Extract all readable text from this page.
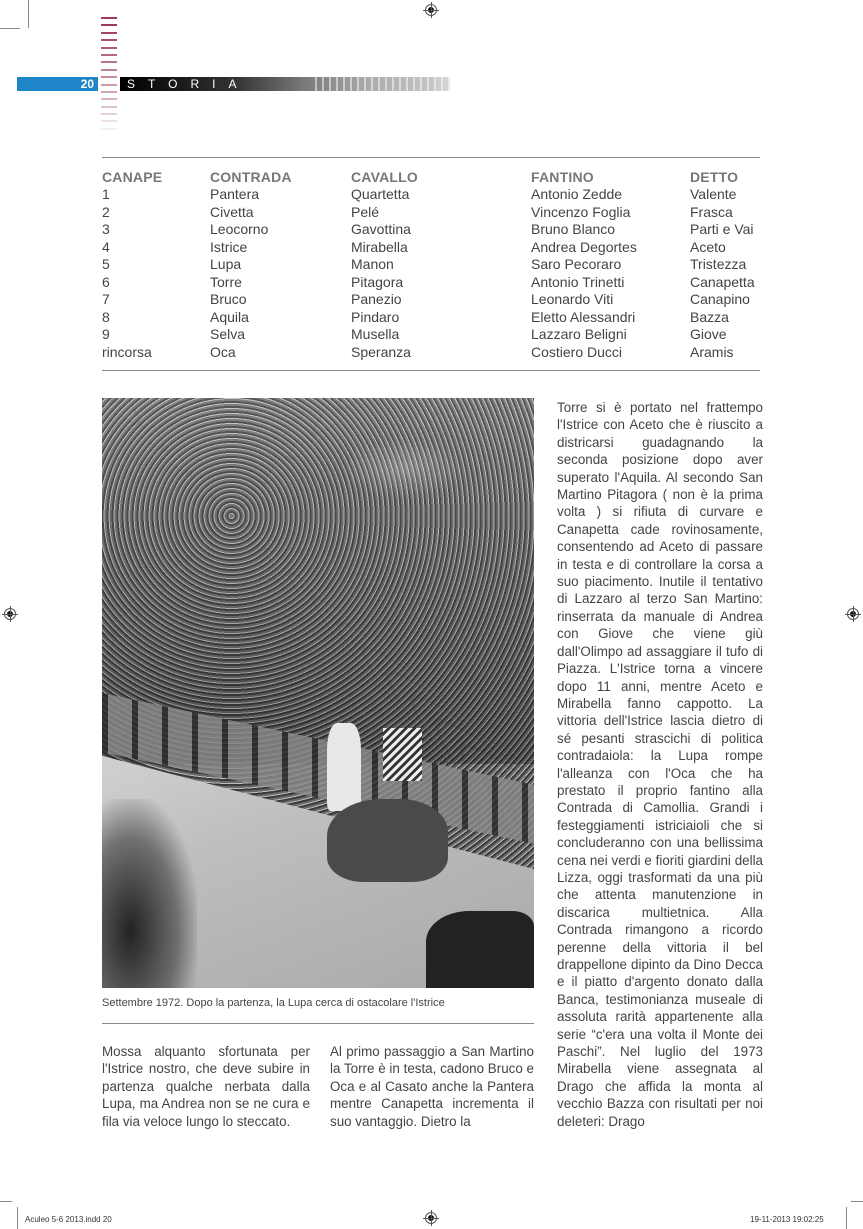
20	STORIA
CANAPE	CONTRADA	CAVALLO	FANTINO	DETTO
1	Pantera	Quartetta	Antonio Zedde	Valente
2	Civetta	Pelé	Vincenzo Foglia	Frasca
3	Leocorno	Gavottina	Bruno Blanco	Parti e Vai
4	Istrice	Mirabella	Andrea Degortes	Aceto
5	Lupa	Manon	Saro Pecoraro	Tristezza
6	Torre	Pitagora	Antonio Trinetti	Canapetta
7	Bruco	Panezio	Leonardo Viti	Canapino
8	Aquila	Pindaro	Eletto Alessandri	Bazza
9	Selva	Musella	Lazzaro Beligni	Giove
rincorsa	Oca	Speranza	Costiero Ducci	Aramis
Settembre 1972. Dopo la partenza, la Lupa cerca di ostacolare l'Istrice
Mossa alquanto sfortunata per l'Istrice nostro, che deve subire in partenza qualche nerbata dalla Lupa, ma Andrea non se ne cura e fila via veloce lungo lo steccato.
Al primo passaggio a San Martino la Torre è in testa, cadono Bruco e Oca e al Casato anche la Pantera mentre Canapetta incrementa il suo vantaggio. Dietro la
Torre si è portato nel frattempo l'Istrice con Aceto che è riuscito a districarsi guadagnando la seconda posizione dopo aver superato l'Aquila. Al secondo San Martino Pitagora ( non è la prima volta ) si rifiuta di curvare e Canapetta cade rovinosamente, consentendo ad Aceto di passare in testa e di controllare la corsa a suo piacimento. Inutile il tentativo di Lazzaro al terzo San Martino: rinserrata da manuale di Andrea con Giove che viene giù dall'Olimpo ad assaggiare il tufo di Piazza. L'Istrice torna a vincere dopo 11 anni, mentre Aceto e Mirabella fanno cappotto. La vittoria dell'Istrice lascia dietro di sé pesanti strascichi di politica contradaiola: la Lupa rompe l'alleanza con l'Oca che ha prestato il proprio fantino alla Contrada di Camollia. Grandi i festeggiamenti istriciaioli che si concluderanno con una bellissima cena nei verdi e fioriti giardini della Lizza, oggi trasformati da una più che attenta manutenzione in discarica multietnica. Alla Contrada rimangono a ricordo perenne della vittoria il bel drappellone dipinto da Dino Decca e il piatto d'argento donato dalla Banca, testimonianza museale di assoluta rarità appartenente alla serie “c'era una volta il Monte dei Paschi”. Nel luglio del 1973 Mirabella viene assegnata al Drago che affida la monta al vecchio Bazza con risultati per noi deleteri: Drago
Aculeo 5-6 2013.indd 20	19-11-2013 19:02:25
